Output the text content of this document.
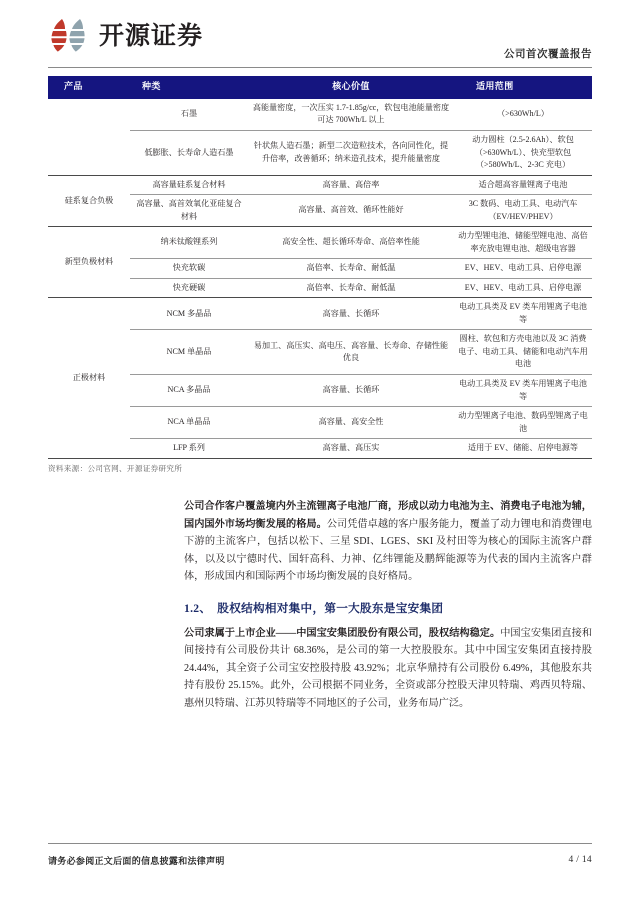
开源证券
公司首次覆盖报告
产品	种类	核心价值	适用范围
	石墨	高能量密度，一次压实 1.7-1.85g/cc，软包电池能量密度可达 700Wh/L 以上	（>630Wh/L）
	低膨胀、长寿命人造石墨	针状焦人造石墨；新型二次造粒技术，各向同性化，提升倍率，改善循环；纳米造孔技术，提升能量密度	动力圆柱（2.5-2.6Ah）、软包（>630Wh/L）、快充型软包（>580Wh/L、2-3C 充电）
硅系复合负极	高容量硅系复合材料	高容量、高倍率	适合超高容量锂离子电池
	高容量、高首效氧化亚硅复合材料	高容量、高首效、循环性能好	3C 数码、电动工具、电动汽车（EV/HEV/PHEV）
新型负极材料	纳米钛酸锂系列	高安全性、超长循环寿命、高倍率性能	动力型锂电池、储能型锂电池、高倍率充放电锂电池、超级电容器
	快充软碳	高倍率、长寿命、耐低温	EV、HEV、电动工具、启停电源
	快充硬碳	高倍率、长寿命、耐低温	EV、HEV、电动工具、启停电源
正极材料	NCM 多晶品	高容量、长循环	电动工具类及 EV 类车用锂离子电池等
	NCM 单晶品	易加工、高压实、高电压、高容量、长寿命、存储性能优良	圆柱、软包和方壳电池以及 3C 消费电子、电动工具、储能和电动汽车用电池
	NCA 多晶品	高容量、长循环	电动工具类及 EV 类车用锂离子电池等
	NCA 单晶品	高容量、高安全性	动力型锂离子电池、数码型锂离子电池
	LFP 系列	高容量、高压实	适用于 EV、储能、启停电源等

资料来源：公司官网、开源证券研究所

公司合作客户覆盖境内外主流锂离子电池厂商，形成以动力电池为主、消费电子电池为辅，国内国外市场均衡发展的格局。公司凭借卓越的客户服务能力，覆盖了动力锂电和消费锂电下游的主流客户，包括以松下、三星 SDI、LGES、SKI 及村田等为核心的国际主流客户群体，以及以宁德时代、国轩高科、力神、亿纬锂能及鹏辉能源等为代表的国内主流客户群体，形成国内和国际两个市场均衡发展的良好格局。

1.2、 股权结构相对集中，第一大股东是宝安集团

公司隶属于上市企业——中国宝安集团股份有限公司，股权结构稳定。中国宝安集团直接和间接持有公司股份共计 68.36%，是公司的第一大控股股东。其中中国宝安集团直接持股 24.44%，其全资子公司宝安控股持股 43.92%；北京华鼎持有公司股份 6.49%，其他股东共持有股份 25.15%。此外，公司根据不同业务，全资或部分控股天津贝特瑞、鸡西贝特瑞、惠州贝特瑞、江苏贝特瑞等不同地区的子公司，业务布局广泛。

请务必参阅正文后面的信息披露和法律声明	4 / 14
